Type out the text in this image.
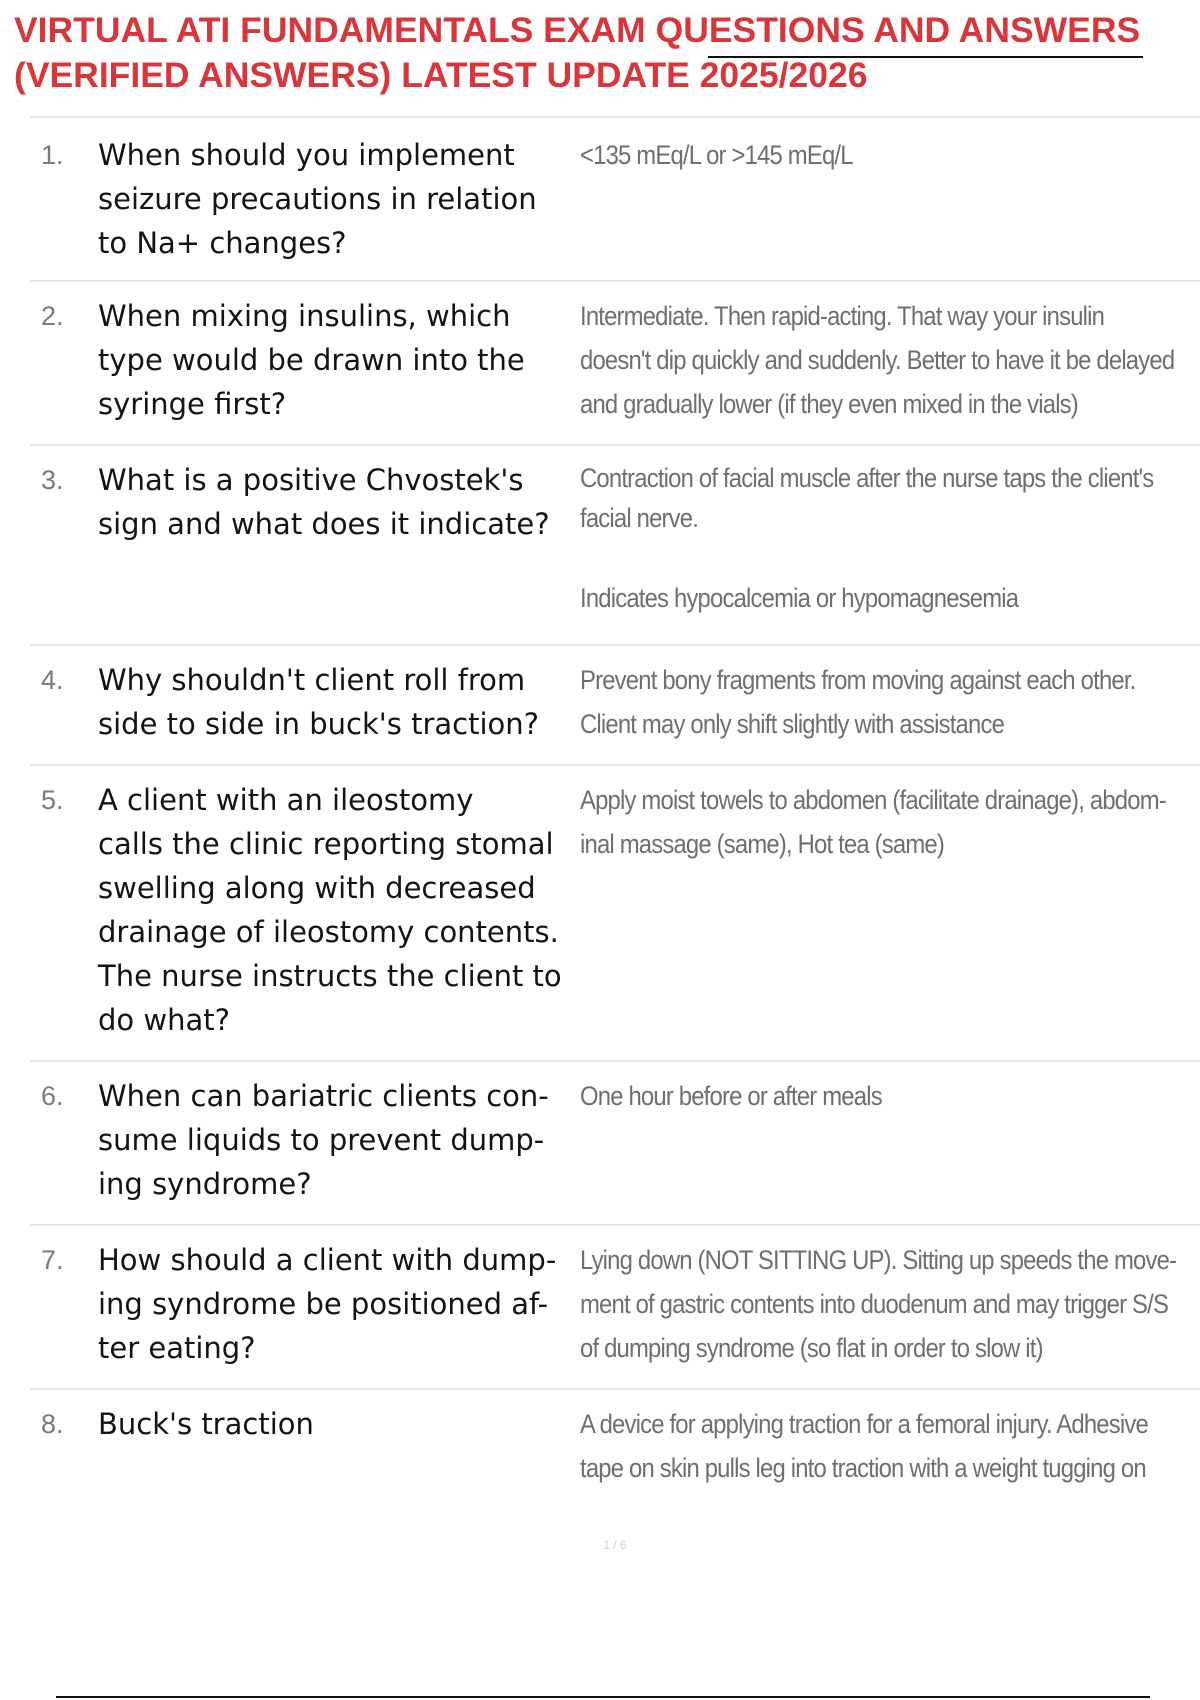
VIRTUAL ATI FUNDAMENTALS EXAM QUESTIONS AND ANSWERS
(VERIFIED ANSWERS) LATEST UPDATE 2025/2026
1. When should you implement
seizure precautions in relation
to Na+ changes?
<135 mEq/L or >145 mEq/L
2. When mixing insulins, which
type would be drawn into the
syringe first?
Intermediate. Then rapid-acting. That way your insulin
doesn't dip quickly and suddenly. Better to have it be delayed
and gradually lower (if they even mixed in the vials)
3. What is a positive Chvostek's
sign and what does it indicate?
Contraction of facial muscle after the nurse taps the client's
facial nerve.

Indicates hypocalcemia or hypomagnesemia
4. Why shouldn't client roll from
side to side in buck's traction?
Prevent bony fragments from moving against each other.
Client may only shift slightly with assistance
5. A client with an ileostomy
calls the clinic reporting stomal
swelling along with decreased
drainage of ileostomy contents.
The nurse instructs the client to
do what?
Apply moist towels to abdomen (facilitate drainage), abdom-
inal massage (same), Hot tea (same)
6. When can bariatric clients con-
sume liquids to prevent dump-
ing syndrome?
One hour before or after meals
7. How should a client with dump-
ing syndrome be positioned af-
ter eating?
Lying down (NOT SITTING UP). Sitting up speeds the move-
ment of gastric contents into duodenum and may trigger S/S
of dumping syndrome (so flat in order to slow it)
8. Buck's traction	A device for applying traction for a femoral injury. Adhesive
tape on skin pulls leg into traction with a weight tugging on
1 / 6
